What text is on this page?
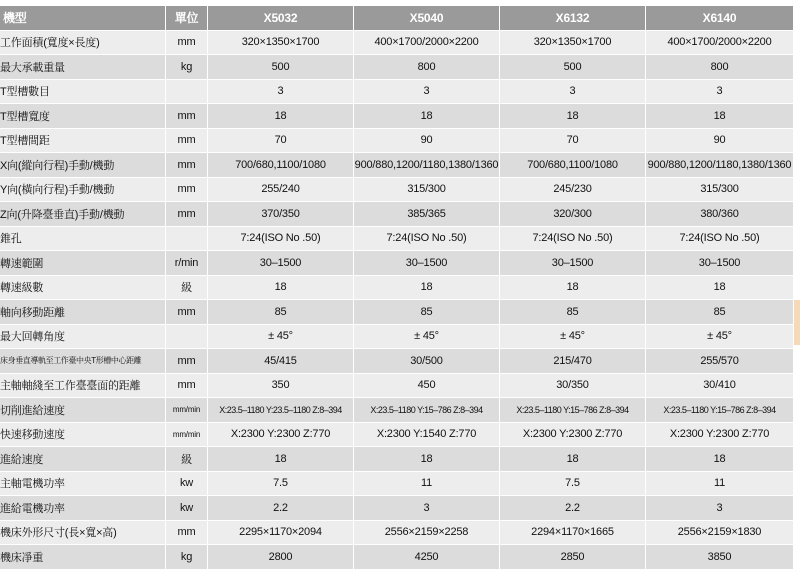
機型	單位	X5032	X5040	X6132	X6140
工作面積(寬度×長度)	mm	320×1350×1700	400×1700/2000×2200	320×1350×1700	400×1700/2000×2200
最大承載重量	kg	500	800	500	800
T型槽數目		3	3	3	3
T型槽寬度	mm	18	18	18	18
T型槽間距	mm	70	90	70	90
X向(縱向行程)手動/機動	mm	700/680,1100/1080	900/880,1200/1180,1380/1360	700/680,1100/1080	900/880,1200/1180,1380/1360
Y向(橫向行程)手動/機動	mm	255/240	315/300	245/230	315/300
Z向(升降臺垂直)手動/機動	mm	370/350	385/365	320/300	380/360
錐孔		7:24(ISO No .50)	7:24(ISO No .50)	7:24(ISO No .50)	7:24(ISO No .50)
轉速範圍	r/min	30–1500	30–1500	30–1500	30–1500
轉速級數	級	18	18	18	18
軸向移動距離	mm	85	85	85	85
最大回轉角度		± 45°	± 45°	± 45°	± 45°
床身垂直導軌至工作臺中央T形槽中心距離	mm	45/415	30/500	215/470	255/570
主軸軸綫至工作臺臺面的距離	mm	350	450	30/350	30/410
切削進給速度	mm/min	X:23.5–1180 Y:23.5–1180 Z:8–394	X:23.5–1180 Y:15–786 Z:8–394	X:23.5–1180 Y:15–786 Z:8–394	X:23.5–1180 Y:15–786 Z:8–394
快速移動速度	mm/min	X:2300 Y:2300 Z:770	X:2300 Y:1540 Z:770	X:2300 Y:2300 Z:770	X:2300 Y:2300 Z:770
進給速度	級	18	18	18	18
主軸電機功率	kw	7.5	11	7.5	11
進給電機功率	kw	2.2	3	2.2	3
機床外形尺寸(長×寬×高)	mm	2295×1170×2094	2556×2159×2258	2294×1170×1665	2556×2159×1830
機床凈重	kg	2800	4250	2850	3850
